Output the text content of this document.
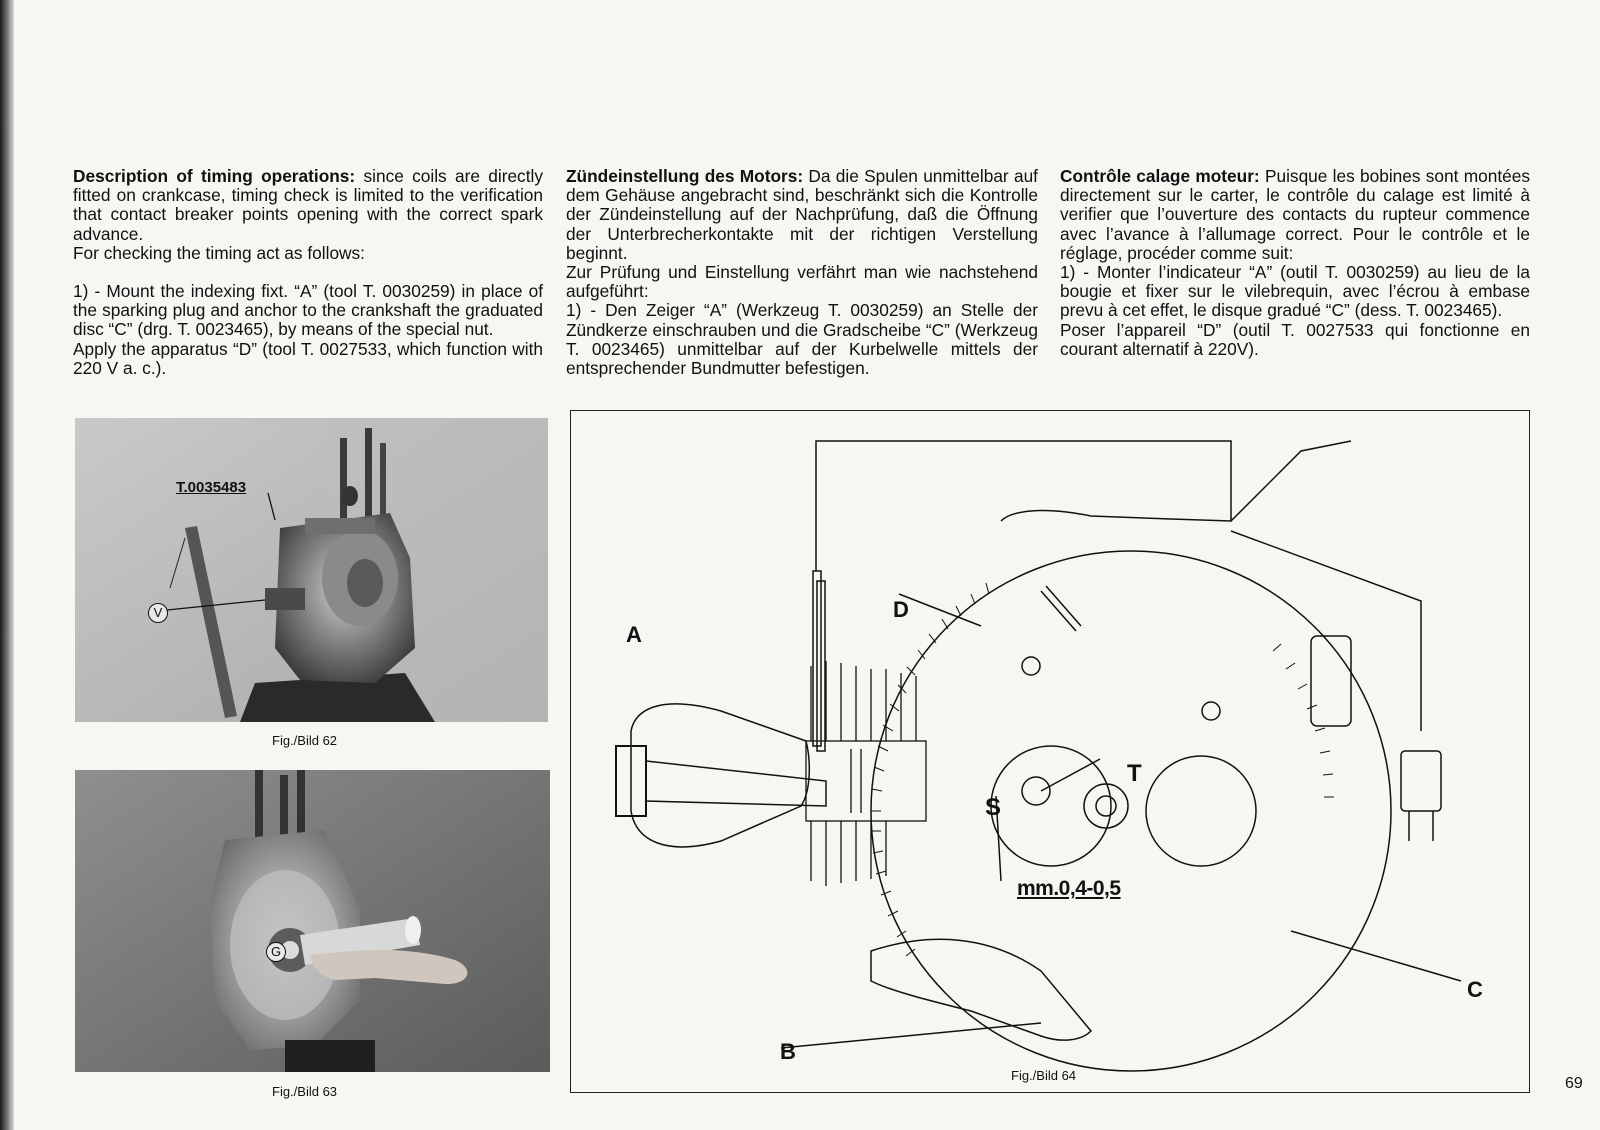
Description of timing operations: since coils are directly fitted on crankcase, timing check is limited to the verification that contact breaker points opening with the correct spark advance.

For checking the timing act as follows:

1) - Mount the indexing fixt. “A” (tool T. 0030259) in place of the sparking plug and anchor to the crankshaft the graduated disc “C” (drg. T. 0023465), by means of the special nut.

Apply the apparatus “D” (tool T. 0027533, which function with 220 V a. c.).

Zündeinstellung des Motors: Da die Spulen unmittelbar auf dem Gehäuse angebracht sind, beschränkt sich die Kontrolle der Zündeinstellung auf der Nachprüfung, daß die Öffnung der Unterbrecherkontakte mit der richtigen Verstellung beginnt.

Zur Prüfung und Einstellung verfährt man wie nachstehend aufgeführt:

1) - Den Zeiger “A” (Werkzeug T. 0030259) an Stelle der Zündkerze einschrauben und die Gradscheibe “C” (Werkzeug T. 0023465) unmittelbar auf der Kurbelwelle mittels der entsprechender Bundmutter befestigen.

Contrôle calage moteur: Puisque les bobines sont montées directement sur le carter, le contrôle du calage est limité à verifier que l’ouverture des contacts du rupteur commence avec l’avance à l’allumage correct. Pour le contrôle et le réglage, procéder comme suit:

1) - Monter l’indicateur “A” (outil T. 0030259) au lieu de la bougie et fixer sur le vilebrequin, avec l’écrou à embase prevu à cet effet, le disque gradué “C” (dess. T. 0023465).

Poser l’appareil “D” (outil T. 0027533 qui fonctionne en courant alternatif à 220V).

T.0035483
V
Fig./Bild 62
G
Fig./Bild 63
Fig./Bild 64
A
D
T
S
B
C
mm.0,4-0,5
69
